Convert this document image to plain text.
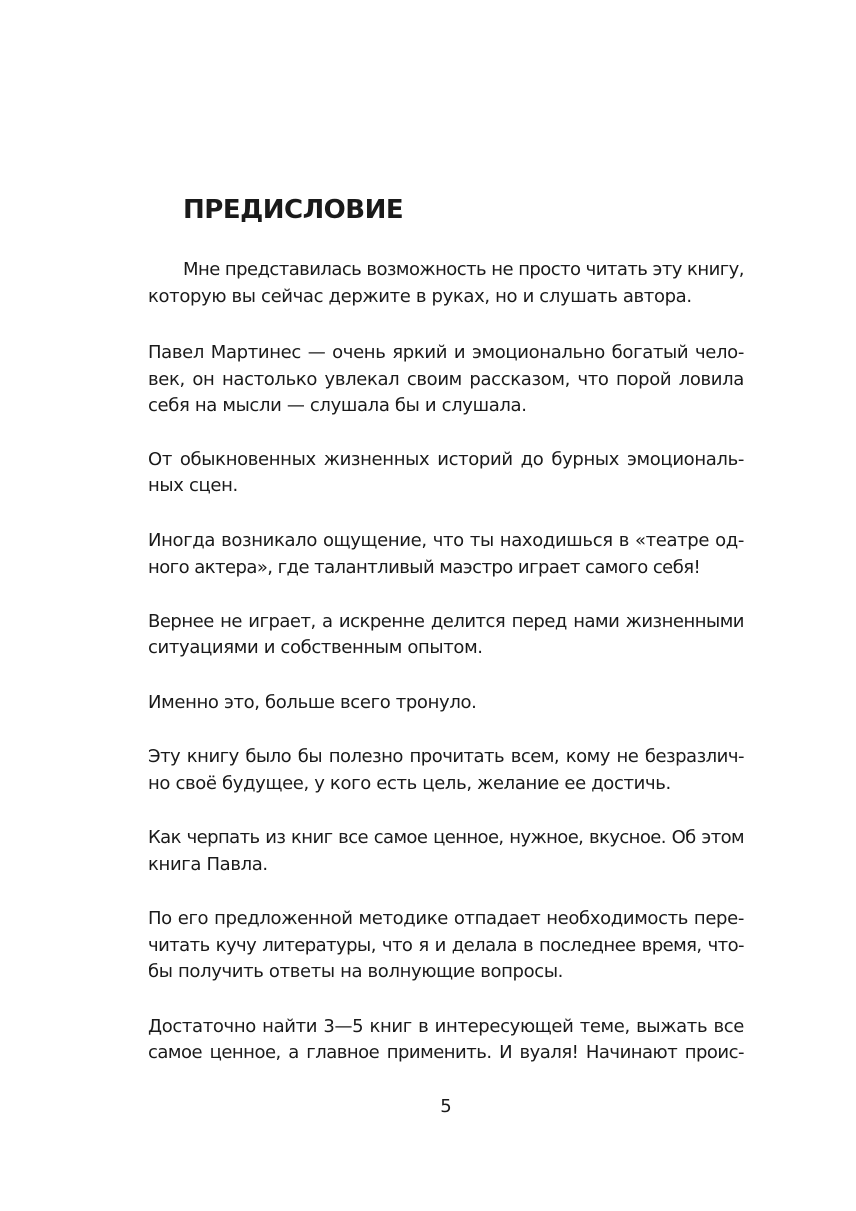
ПРЕДИСЛОВИЕ
Мне представилась возможность не просто читать эту книгу,
которую вы сейчас держите в руках, но и слушать автора.
Павел Мартинес — очень яркий и эмоционально богатый чело-
век, он настолько увлекал своим рассказом, что порой ловила
себя на мысли — слушала бы и слушала.
От обыкновенных жизненных историй до бурных эмоциональ-
ных сцен.
Иногда возникало ощущение, что ты находишься в «театре од-
ного актера», где талантливый маэстро играет самого себя!
Вернее не играет, а искренне делится перед нами жизненными
ситуациями и собственным опытом.
Именно это, больше всего тронуло.
Эту книгу было бы полезно прочитать всем, кому не безразлич-
но своё будущее, у кого есть цель, желание ее достичь.
Как черпать из книг все самое ценное, нужное, вкусное. Об этом
книга Павла.
По его предложенной методике отпадает необходимость пере-
читать кучу литературы, что я и делала в последнее время, что-
бы получить ответы на волнующие вопросы.
Достаточно найти 3—5 книг в интересующей теме, выжать все
самое ценное, а главное применить. И вуаля! Начинают проис-
5
